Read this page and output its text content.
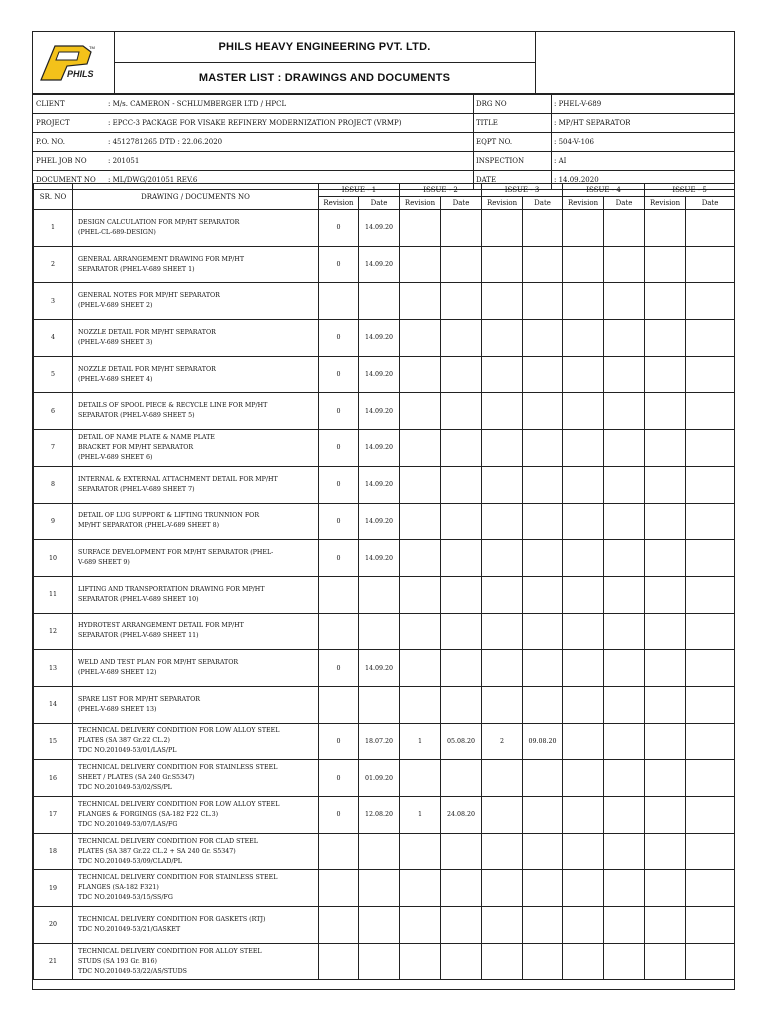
TM
PHILS
PHILS HEAVY ENGINEERING PVT. LTD.
MASTER LIST : DRAWINGS AND DOCUMENTS
CLIENT	: M/s. CAMERON - SCHLUMBERGER LTD / HPCL	DRG NO	: PHEL-V-689
PROJECT	: EPCC-3 PACKAGE FOR VISAKE REFINERY MODERNIZATION PROJECT (VRMP)	TITLE	: MP/HT SEPARATOR
P.O. NO.	: 4512781265 DTD : 22.06.2020	EQPT NO.	: 504-V-106
PHEL JOB NO	: 201051	INSPECTION	: AI
DOCUMENT NO : ML/DWG/201051 REV.6	DATE	: 14.09.2020
SR. NO	DRAWING / DOCUMENTS NO	ISSUE - 1		ISSUE - 2		ISSUE - 3		ISSUE - 4		ISSUE - 5	
		Revision	Date	Revision	Date	Revision	Date	Revision	Date	Revision	Date
1	DESIGN CALCULATION FOR MP/HT SEPARATOR
(PHEL-CL-689-DESIGN)	0	14.09.20								
2	GENERAL ARRANGEMENT DRAWING FOR MP/HT
SEPARATOR (PHEL-V-689 SHEET 1)	0	14.09.20								
3	GENERAL NOTES FOR MP/HT SEPARATOR
(PHEL-V-689 SHEET 2)										

4	NOZZLE DETAIL FOR MP/HT SEPARATOR
(PHEL-V-689 SHEET 3)	0	14.09.20								
5	NOZZLE DETAIL FOR MP/HT SEPARATOR
(PHEL-V-689 SHEET 4)	0	14.09.20								
6	DETAILS OF SPOOL PIECE & RECYCLE LINE FOR MP/HT
SEPARATOR (PHEL-V-689 SHEET 5)	0	14.09.20								
7	DETAIL OF NAME PLATE & NAME PLATE
BRACKET FOR MP/HT SEPARATOR
(PHEL-V-689 SHEET 6)	0	14.09.20								
8	INTERNAL & EXTERNAL ATTACHMENT DETAIL FOR MP/HT
SEPARATOR (PHEL-V-689 SHEET 7)	0	14.09.20								
9	DETAIL OF LUG SUPPORT & LIFTING TRUNNION FOR
MP/HT SEPARATOR (PHEL-V-689 SHEET 8)	0	14.09.20								
10	SURFACE DEVELOPMENT FOR MP/HT SEPARATOR (PHEL-
V-689 SHEET 9)	0	14.09.20								
11	LIFTING AND TRANSPORTATION DRAWING FOR MP/HT
SEPARATOR (PHEL-V-689 SHEET 10)										

12	HYDROTEST ARRANGEMENT DETAIL FOR MP/HT
SEPARATOR (PHEL-V-689 SHEET 11)										

13	WELD AND TEST PLAN FOR MP/HT SEPARATOR
(PHEL-V-689 SHEET 12)	0	14.09.20								
14	SPARE LIST FOR MP/HT SEPARATOR
(PHEL-V-689 SHEET 13)										

15	TECHNICAL DELIVERY CONDITION FOR LOW ALLOY STEEL
PLATES (SA 387 Gr.22 CL.2)
TDC NO.201049-53/01/LAS/PL	0	18.07.20	1	05.08.20	2	09.08.20				
16	TECHNICAL DELIVERY CONDITION FOR STAINLESS STEEL
SHEET / PLATES (SA 240 Gr.S5347)
TDC NO.201049-53/02/SS/PL	0	01.09.20								
17	TECHNICAL DELIVERY CONDITION FOR LOW ALLOY STEEL
FLANGES & FORGINGS (SA-182 F22 CL.3)
TDC NO.201049-53/07/LAS/FG	0	12.08.20	1	24.08.20						
18	TECHNICAL DELIVERY CONDITION FOR CLAD STEEL
PLATES (SA 387 Gr.22 CL.2 + SA 240 Gr. S5347)
TDC NO.201049-53/09/CLAD/PL										

19	TECHNICAL DELIVERY CONDITION FOR STAINLESS STEEL
FLANGES (SA-182 F321)
TDC NO.201049-53/15/SS/FG										

20	TECHNICAL DELIVERY CONDITION FOR GASKETS (RTJ)
TDC NO.201049-53/21/GASKET										

21	TECHNICAL DELIVERY CONDITION FOR ALLOY STEEL
STUDS (SA 193 Gr. B16)
TDC NO.201049-53/22/AS/STUDS										
